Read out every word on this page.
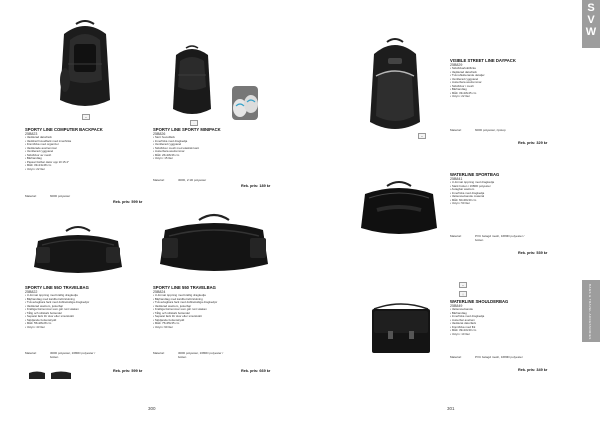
▭
SPORTY LINE COMPUTER BACKPACK
25B823
• Vadderad datorfack
• Vaddrad huvudfack med innerficka
• Framficka med organizer
• Vadderade axelremmar
• Ventilerad ryggpanel
• Sidofickor av mesh
• Bärhandtag
• Passar bärbar dator upp till 15.4"
• Mått: 33x13x48 cm
• Volym: 22 liter
Material:	600D polyester
Rek. pris: 599 kr
◌
SPORTY LINE SPORTY MINIPACK
25B826
• Stort huvudfack
• Innerficka med dragkedja
• Ventilerad ryggpanel
• Sidoficka i mesh med elastisk kant
• Justerbara axelremmar
• Mått: 26x18x36 cm
• Volym: 15 liter
Material:	300D, 2:1D polyester
Rek. pris: 189 kr
SPORTY LINE 55O TRAVELBAG
25B822
• U-format öppning med kraftig dragkedja
• Bärhandtag med kardborreförslutning
• Två avtagbara fack med dubbelsidiga dragkedjor
• Vadderad axelrem, justerbar
• Kraftiga bärremmar som går runt väskan
• Tålig och slitstark bottendel
• Separat fack för skor eller smutstvätt
• Stödjande bottenskydd
• Mått: 55x28x28 cm
• Volym: 43 liter
Material:	300D polyester, 1680D polyester / botten
Rek. pris: 599 kr
SPORTY LINE 550 TRAVELBAG
25B824
• U-format öppning med kraftig dragkedja
• Bärhandtag med kardborreförslutning
• Två avtagbara fack med dubbelsidiga dragkedjor
• Vadderad axelrem, justerbar
• Kraftiga bärremmar som går runt väskan
• Tålig och slitstark bottendel
• Separat fack för skor eller smutstvätt
• Stödjande bottenskydd
• Mått: 75x35x35 cm
• Volym: 90 liter
Material:	300D polyester, 1680D polyester / botten
Rek. pris: 669 kr
300
▭
VISIBLE STREET LINE DAYPACK
25B829
• Sidoficka/tvättficka
• Vadderad datorfack
• Två reflekterande detaljer
• Ventilerad ryggpanel
• Justerbara axelremmar
• Sidofickor i mesh
• Bärhandtag
• Mått: 33x18x45 cm
• Volym: 22 liter
Material:	600D polyester, ripstop
Rek. pris: 329 kr
WATERLINE SPORTBAG
25B841
• U-format öppning med dragkedja
• Stark botten i 1680D polyester
• Avtagbar axelrem
• Innerficka med dragkedja
• Vattenavvisande material
• Mått: 60x30x30 cm
• Volym: 50 liter
Material:	PVC belagd mesh, 1680D polyester / botten
Rek. pris: 539 kr
▭
▯
WATERLINE SHOULDERBAG
25B849
• Vattenavvisande
• Bärhandtag
• Innerficka med dragkedja
• Justerbar axelrem
• Vadderat datorfack
• Framficka med flik
• Mått: 39x10x30 cm
• Volym: 10 liter
Material:	PVC belagd mesh, 1680D polyester
Rek. pris: 349 kr
301
S
V
W
BAGS & TRAVEL ACCESSORIES
